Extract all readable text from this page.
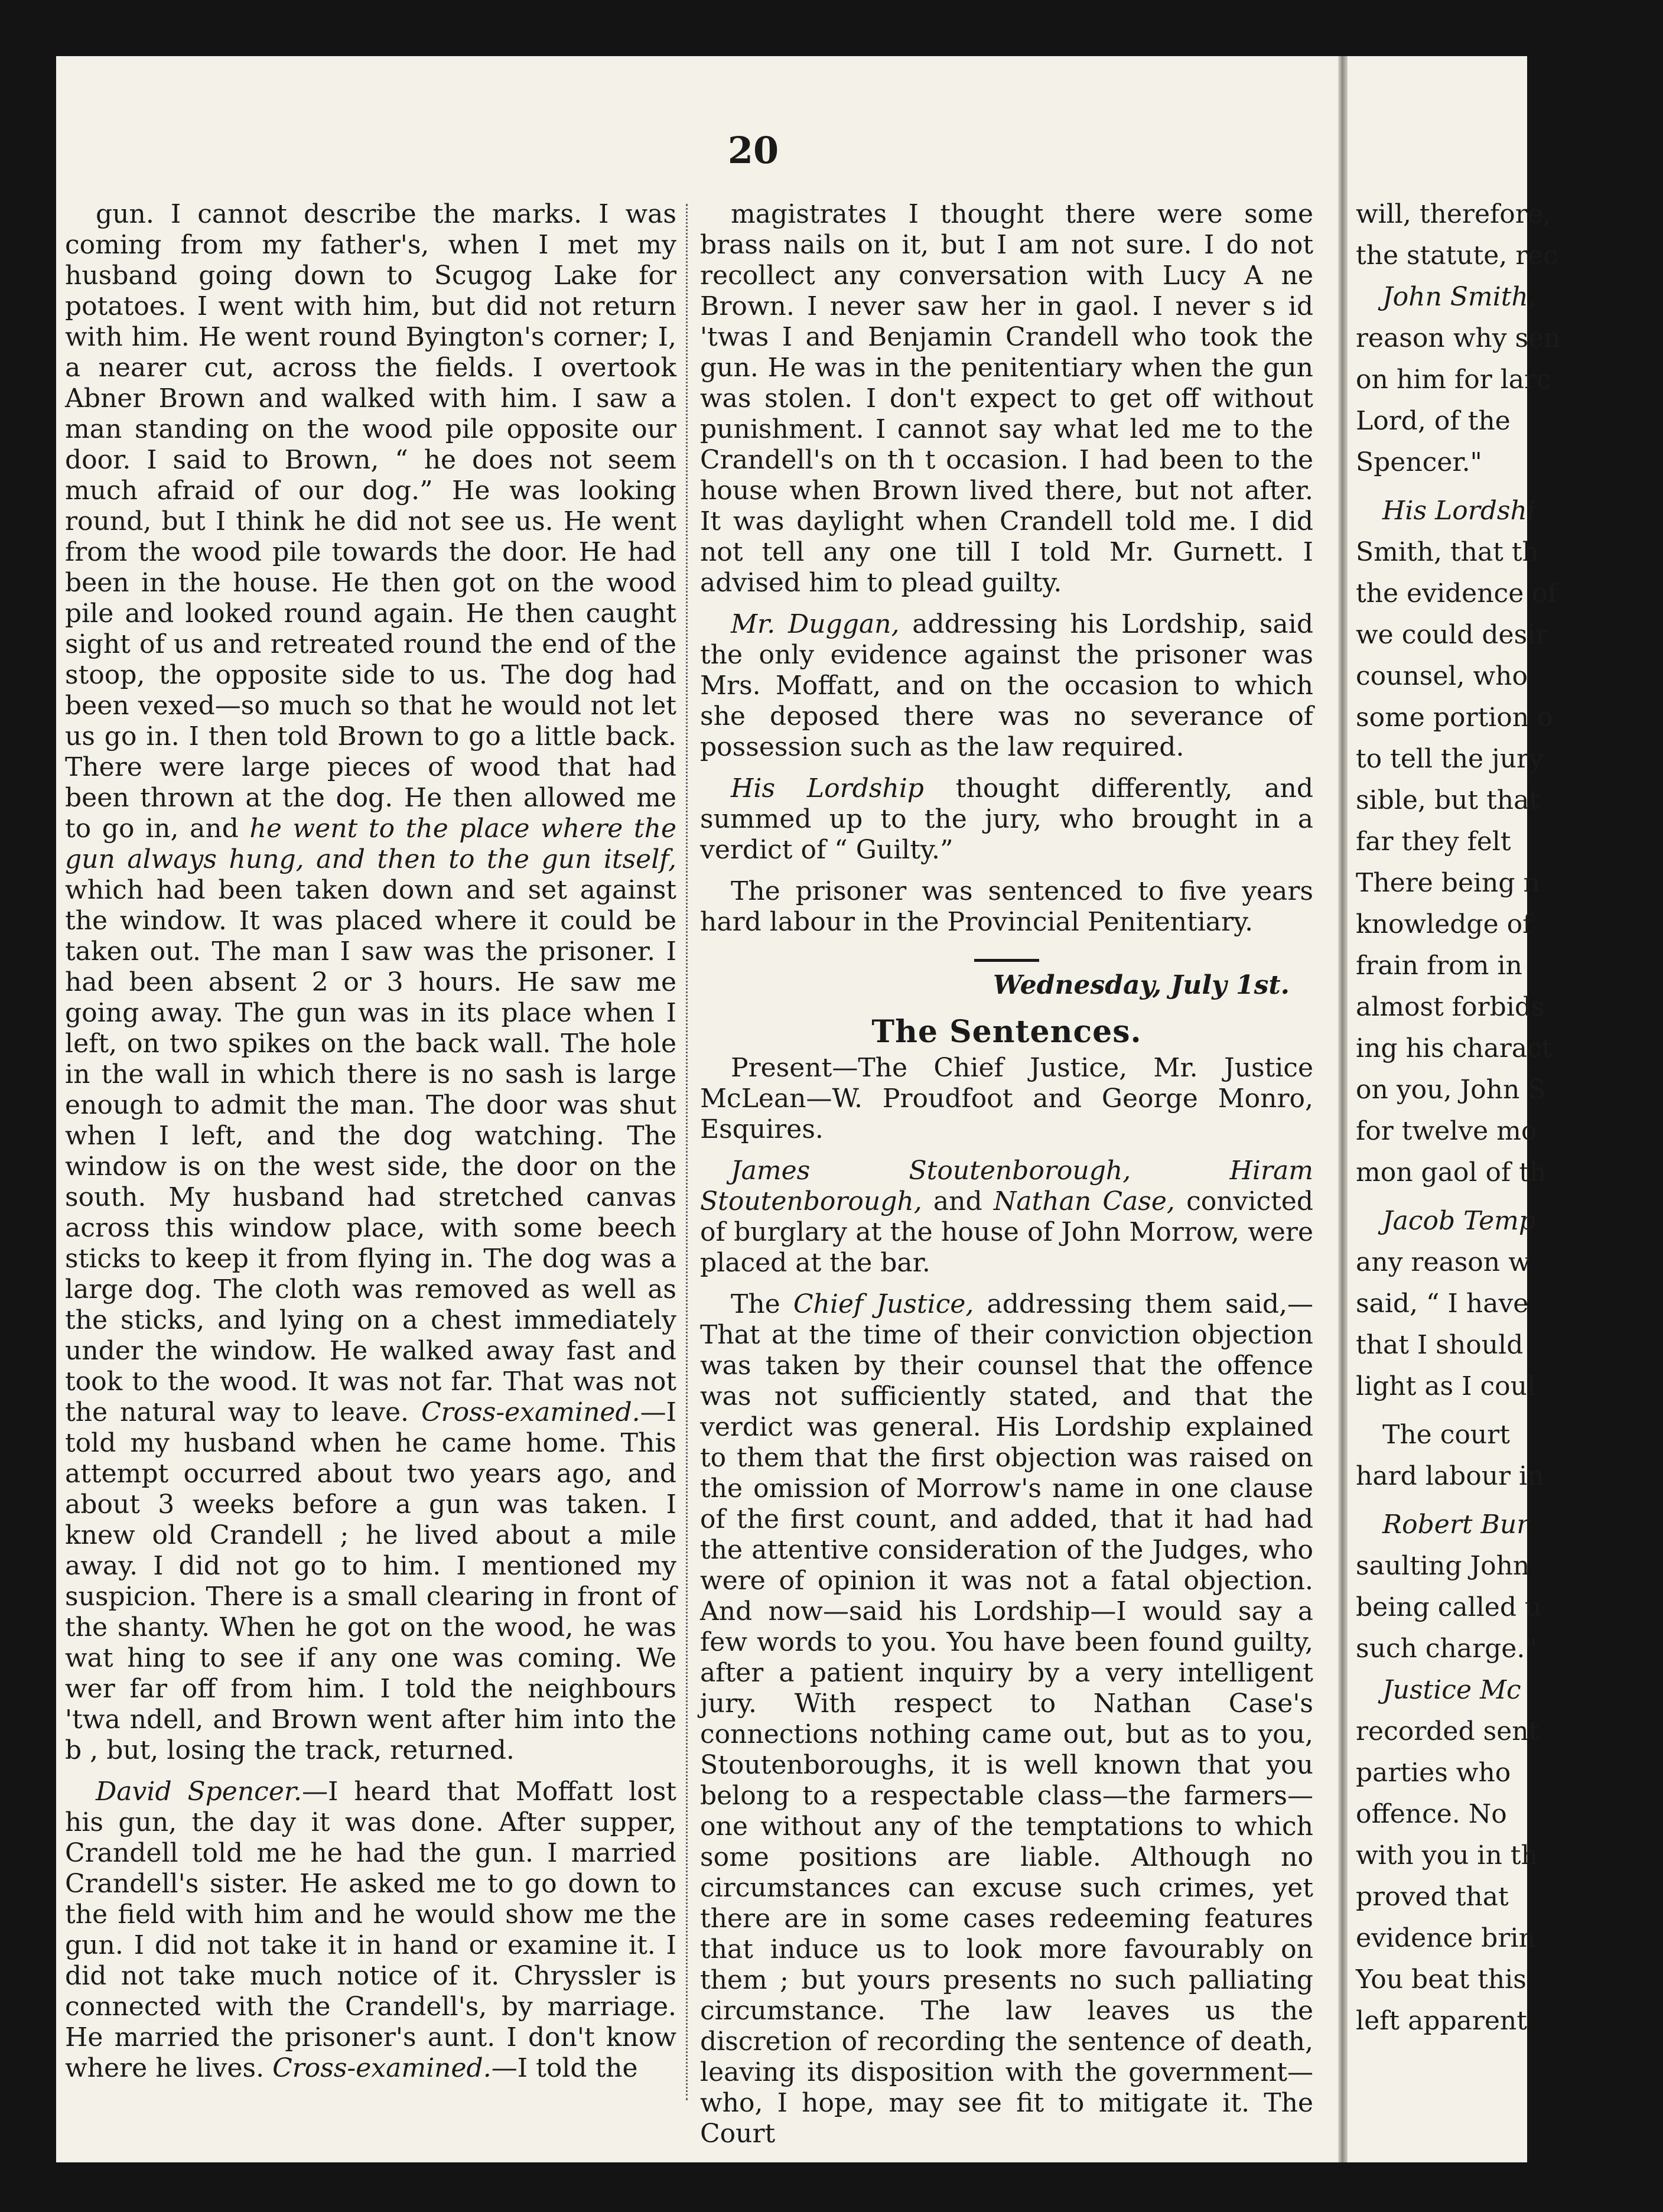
20

gun. I cannot describe the marks. I was coming from my father's, when I met my husband going down to Scugog Lake for potatoes. I went with him, but did not return with him. He went round Byington's corner; I, a nearer cut, across the fields. I overtook Abner Brown and walked with him. I saw a man standing on the wood pile opposite our door. I said to Brown, “ he does not seem much afraid of our dog.” He was looking round, but I think he did not see us. He went from the wood pile towards the door. He had been in the house. He then got on the wood pile and looked round again. He then caught sight of us and retreated round the end of the stoop, the opposite side to us. The dog had been vexed—so much so that he would not let us go in. I then told Brown to go a little back. There were large pieces of wood that had been thrown at the dog. He then allowed me to go in, and he went to the place where the gun always hung, and then to the gun itself, which had been taken down and set against the window. It was placed where it could be taken out. The man I saw was the prisoner. I had been absent 2 or 3 hours. He saw me going away. The gun was in its place when I left, on two spikes on the back wall. The hole in the wall in which there is no sash is large enough to admit the man. The door was shut when I left, and the dog watching. The window is on the west side, the door on the south. My husband had stretched canvas across this window place, with some beech sticks to keep it from flying in. The dog was a large dog. The cloth was removed as well as the sticks, and lying on a chest immediately under the window. He walked away fast and took to the wood. It was not far. That was not the natural way to leave. Cross-examined.—I told my husband when he came home. This attempt occurred about two years ago, and about 3 weeks before a gun was taken. I knew old Crandell ; he lived about a mile away. I did not go to him. I mentioned my suspicion. There is a small clearing in front of the shanty. When he got on the wood, he was wat hing to see if any one was coming. We wer far off from him. I told the neighbours 'twa ndell, and Brown went after him into the b , but, losing the track, returned.

David Spencer.—I heard that Moffatt lost his gun, the day it was done. After supper, Crandell told me he had the gun. I married Crandell's sister. He asked me to go down to the field with him and he would show me the gun. I did not take it in hand or examine it. I did not take much notice of it. Chryssler is connected with the Crandell's, by marriage. He married the prisoner's aunt. I don't know where he lives. Cross-examined.—I told the

magistrates I thought there were some brass nails on it, but I am not sure. I do not recollect any conversation with Lucy A ne Brown. I never saw her in gaol. I never s id 'twas I and Benjamin Crandell who took the gun. He was in the penitentiary when the gun was stolen. I don't expect to get off without punishment. I cannot say what led me to the Crandell's on th t occasion. I had been to the house when Brown lived there, but not after. It was daylight when Crandell told me. I did not tell any one till I told Mr. Gurnett. I advised him to plead guilty.

Mr. Duggan, addressing his Lordship, said the only evidence against the prisoner was Mrs. Moffatt, and on the occasion to which she deposed there was no severance of possession such as the law required.

His Lordship thought differently, and summed up to the jury, who brought in a verdict of “ Guilty.”

The prisoner was sentenced to five years hard labour in the Provincial Penitentiary.

Wednesday, July 1st.

The Sentences.

Present—The Chief Justice, Mr. Justice McLean—W. Proudfoot and George Monro, Esquires.

James Stoutenborough, Hiram Stoutenborough, and Nathan Case, convicted of burglary at the house of John Morrow, were placed at the bar.

The Chief Justice, addressing them said,— That at the time of their conviction objection was taken by their counsel that the offence was not sufficiently stated, and that the verdict was general. His Lordship explained to them that the first objection was raised on the omission of Morrow's name in one clause of the first count, and added, that it had had the attentive consideration of the Judges, who were of opinion it was not a fatal objection. And now—said his Lordship—I would say a few words to you. You have been found guilty, after a patient inquiry by a very intelligent jury. With respect to Nathan Case's connections nothing came out, but as to you, Stoutenboroughs, it is well known that you belong to a respectable class—the farmers—one without any of the temptations to which some positions are liable. Although no circumstances can excuse such crimes, yet there are in some cases redeeming features that induce us to look more favourably on them ; but yours presents no such palliating circumstance. The law leaves us the discretion of recording the sentence of death, leaving its disposition with the government—who, I hope, may see fit to mitigate it. The Court

will, therefore,

the statute, rec

John Smith,

reason why sen

on him for larc

Lord, of the

Spencer."

His Lordshi

Smith, that th

the evidence of

we could desir

counsel, who

some portion o

to tell the jury

sible, but that

far they felt

There being n

knowledge of

frain from in

almost forbids

ing his charact

on you, John S

for twelve mo

mon gaol of th

Jacob Temp

any reason w

said, “ I have

that I should

light as I coul

The court

hard labour in

Robert Bur

saulting John

being called u

such charge."

Justice Mc

recorded sent

parties who

offence. No

with you in th

proved that

evidence brin

You beat this

left apparent
